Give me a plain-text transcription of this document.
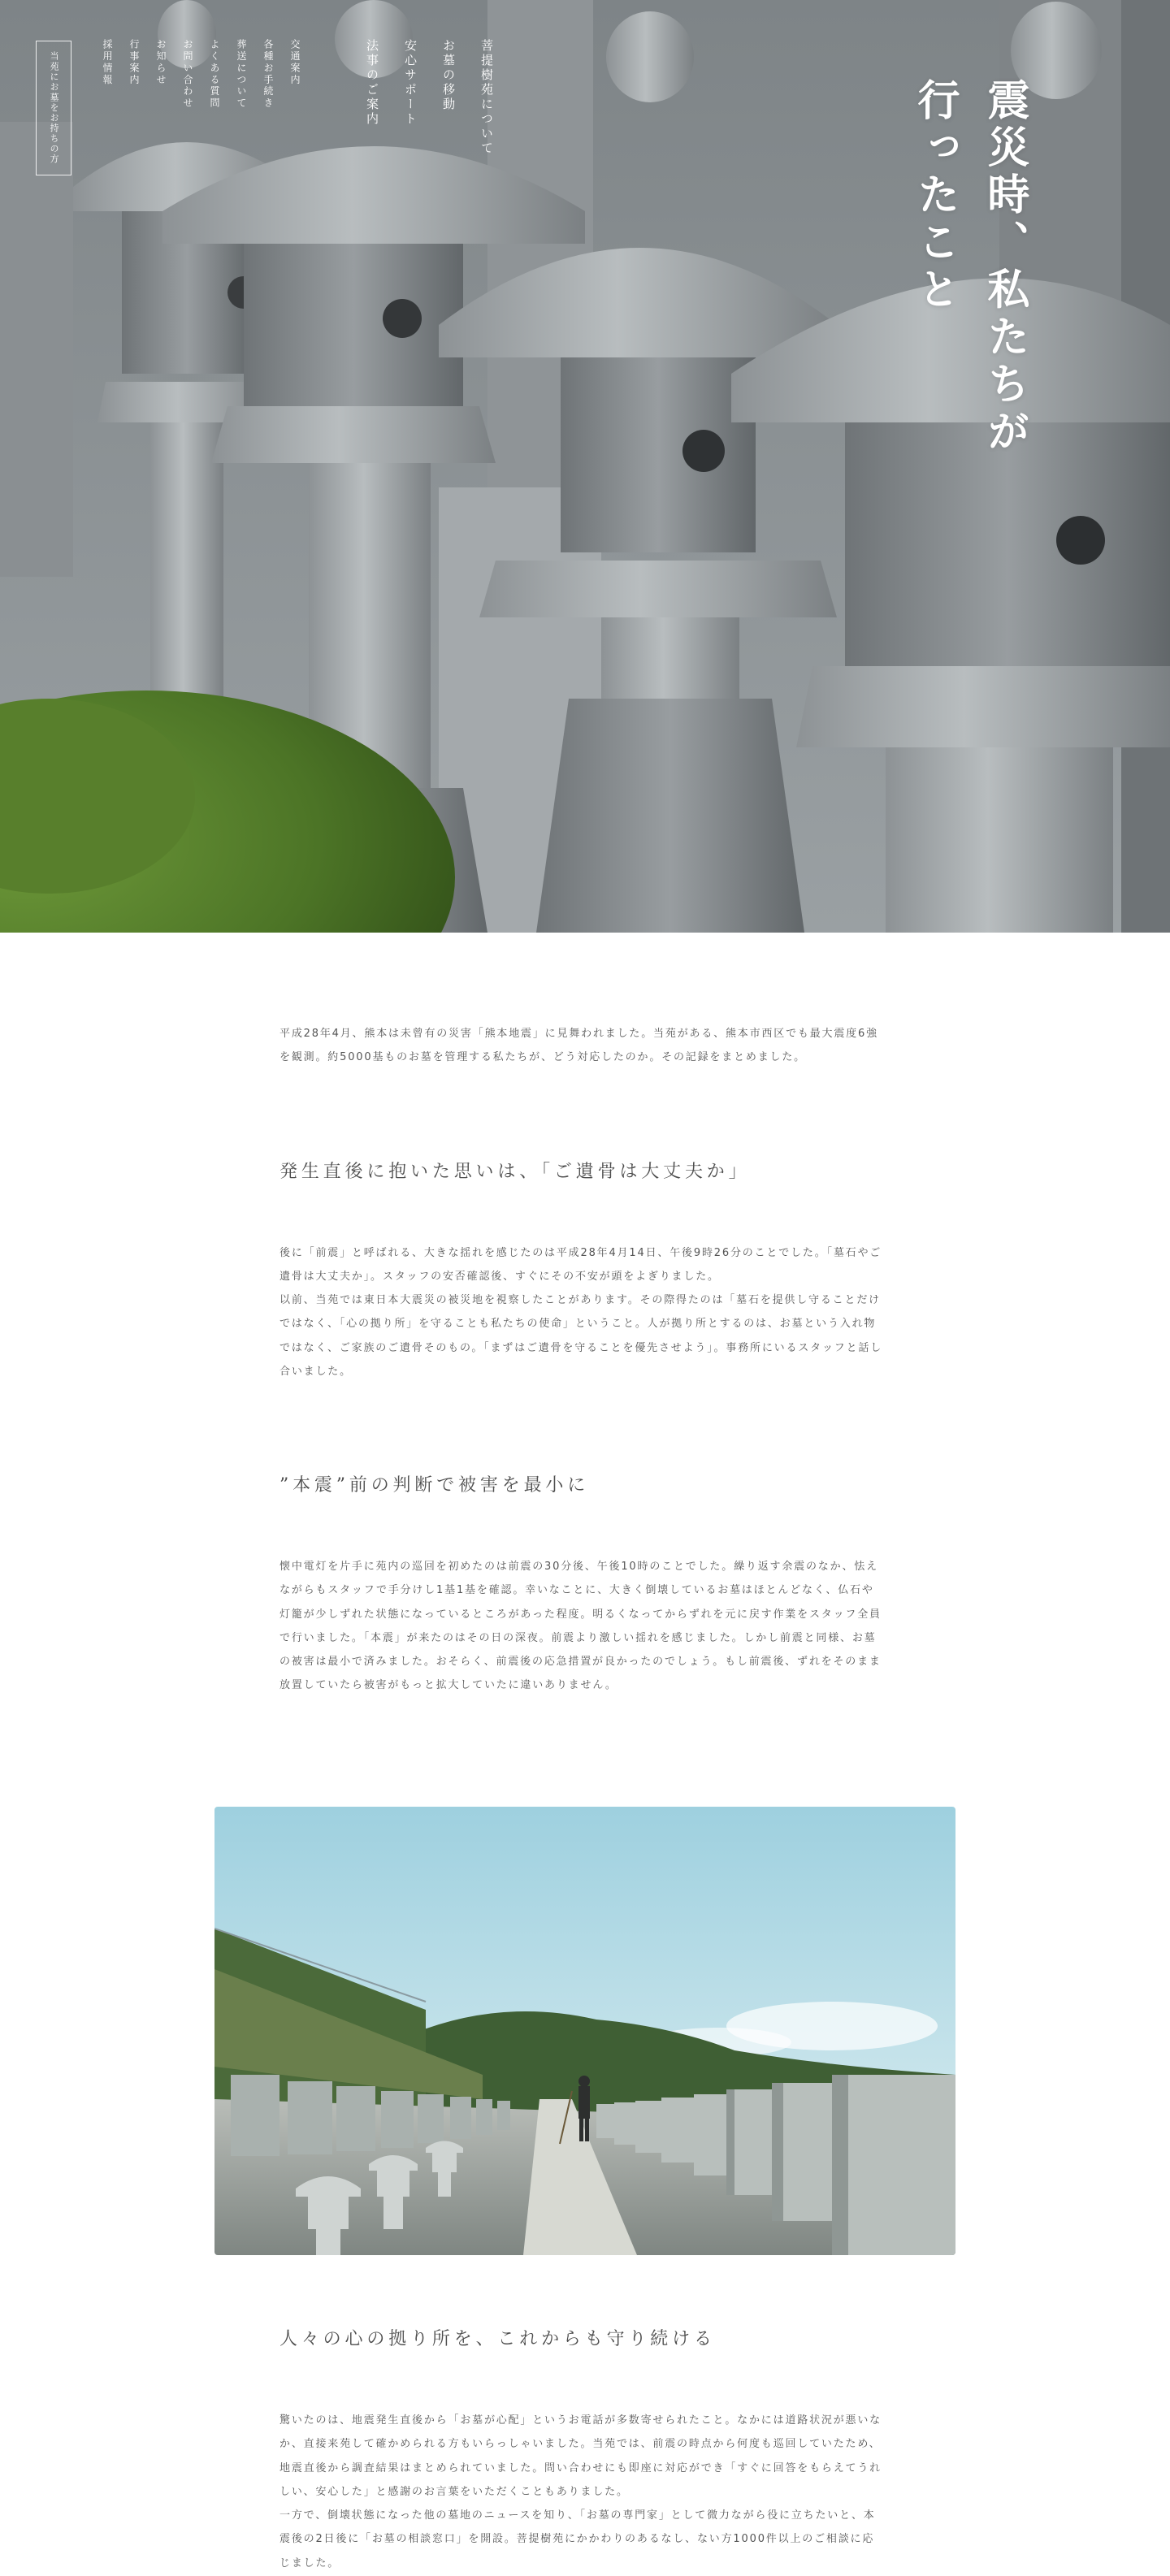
当苑にお墓をお持ちの方	交通案内
各種お手続き
葬送について
よくある質問
お問い合わせ
お知らせ
行事案内
採用情報	菩提樹苑について
お墓の移動
安心サポート
法事のご案内	震災時、私たちが
行ったこと

平成28年4月、熊本は未曾有の災害「熊本地震」に見舞われました。当苑がある、熊本市西区でも最大震度6強を観測。約5000基ものお墓を管理する私たちが、どう対応したのか。その記録をまとめました。

発生直後に抱いた思いは、「ご遺骨は大丈夫か」

後に「前震」と呼ばれる、大きな揺れを感じたのは平成28年4月14日、午後9時26分のことでした。「墓石やご遺骨は大丈夫か」。スタッフの安否確認後、すぐにその不安が頭をよぎりました。

以前、当苑では東日本大震災の被災地を視察したことがあります。その際得たのは「墓石を提供し守ることだけではなく、「心の拠り所」を守ることも私たちの使命」ということ。人が拠り所とするのは、お墓という入れ物ではなく、ご家族のご遺骨そのもの。「まずはご遺骨を守ることを優先させよう」。事務所にいるスタッフと話し合いました。

”本震”前の判断で被害を最小に

懐中電灯を片手に苑内の巡回を初めたのは前震の30分後、午後10時のことでした。繰り返す余震のなか、怯えながらもスタッフで手分けし1基1基を確認。幸いなことに、大きく倒壊しているお墓はほとんどなく、仏石や灯籠が少しずれた状態になっているところがあった程度。明るくなってからずれを元に戻す作業をスタッフ全員で行いました。「本震」が来たのはその日の深夜。前震より激しい揺れを感じました。しかし前震と同様、お墓の被害は最小で済みました。おそらく、前震後の応急措置が良かったのでしょう。もし前震後、ずれをそのまま放置していたら被害がもっと拡大していたに違いありません。

人々の心の拠り所を、これからも守り続ける

驚いたのは、地震発生直後から「お墓が心配」というお電話が多数寄せられたこと。なかには道路状況が悪いなか、直接来苑して確かめられる方もいらっしゃいました。当苑では、前震の時点から何度も巡回していたため、地震直後から調査結果はまとめられていました。問い合わせにも即座に対応ができ「すぐに回答をもらえてうれしい、安心した」と感謝のお言葉をいただくこともありました。

一方で、倒壊状態になった他の墓地のニュースを知り、「お墓の専門家」として微力ながら役に立ちたいと、本震後の2日後に「お墓の相談窓口」を開設。菩提樹苑にかかわりのあるなし、ない方1000件以上のご相談に応じました。
